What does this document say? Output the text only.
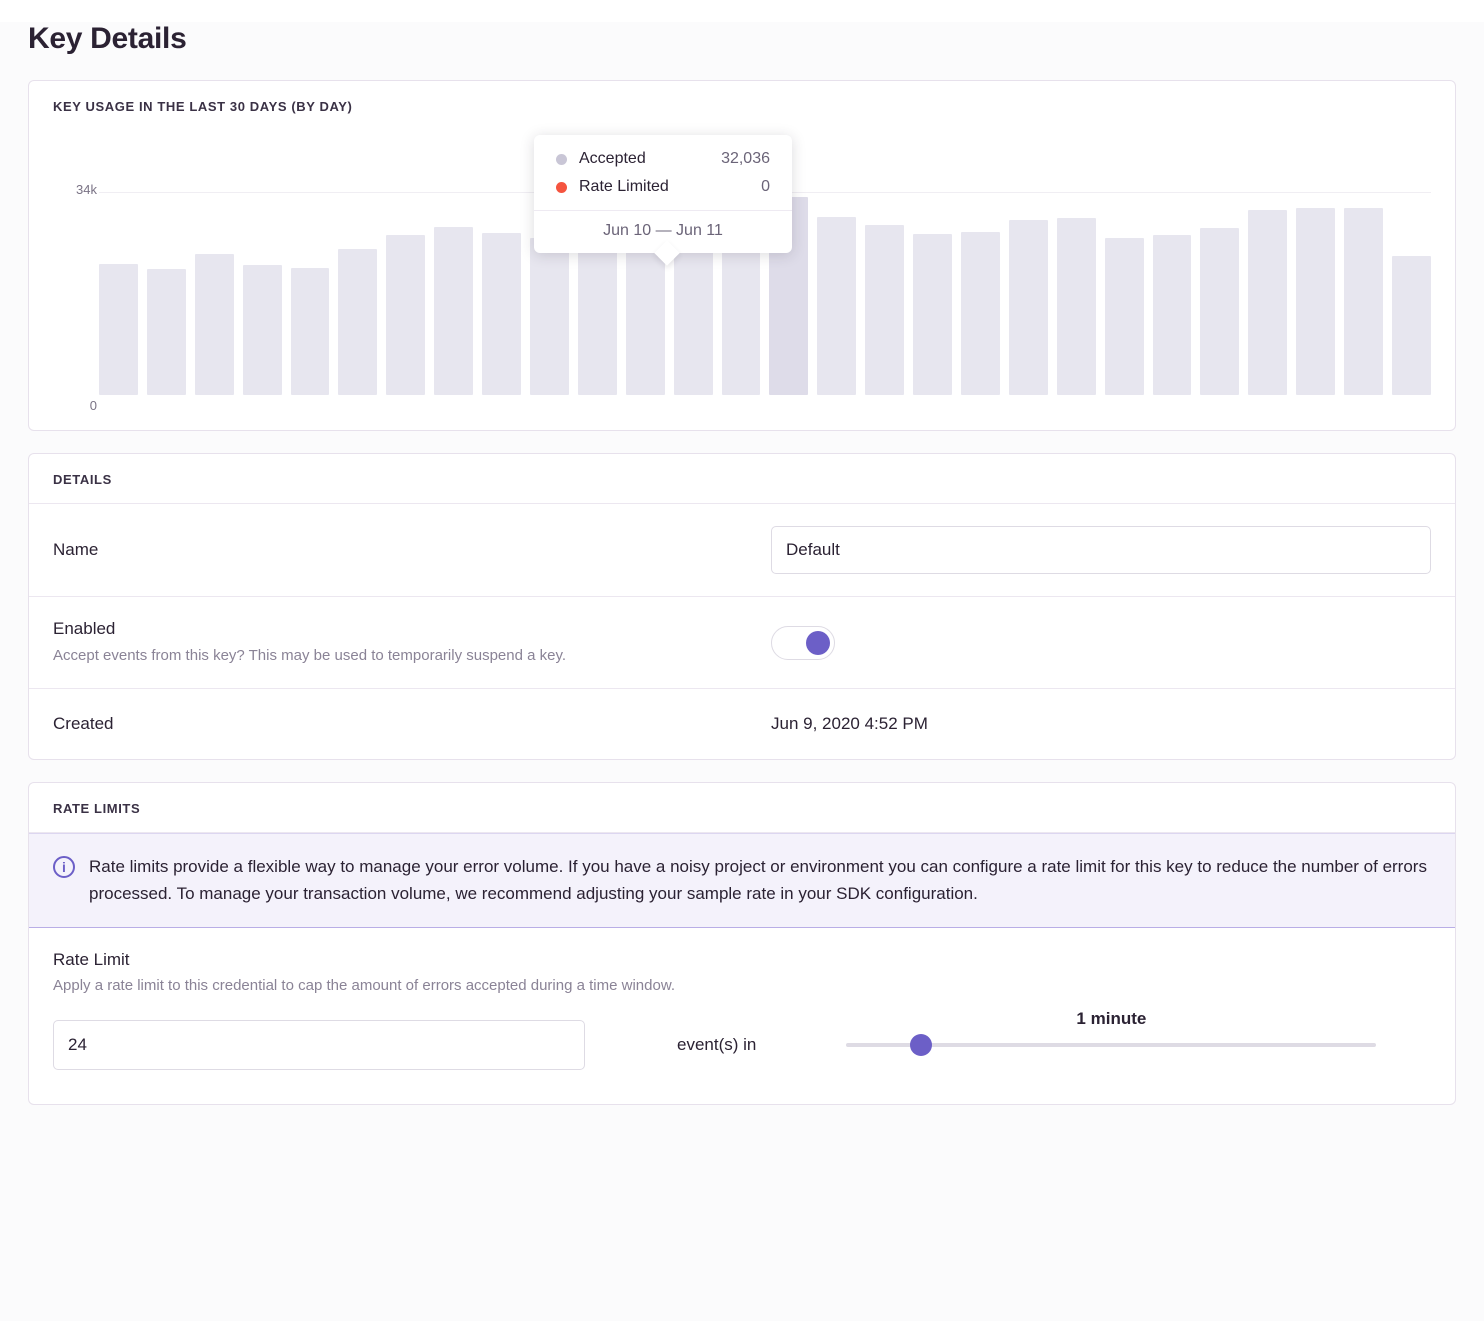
Key Details
KEY USAGE IN THE LAST 30 DAYS (BY DAY)
34k
0
Accepted	32,036
Rate Limited	0
Jun 10 — Jun 11
DETAILS
Name
Default
Enabled
Accept events from this key? This may be used to temporarily suspend a key.
Created	Jun 9, 2020 4:52 PM
RATE LIMITS
i	Rate limits provide a flexible way to manage your error volume. If you have a noisy project or environment you can configure a rate limit for this key to reduce the number of errors processed. To manage your transaction volume, we recommend adjusting your sample rate in your SDK configuration.
Rate Limit
Apply a rate limit to this credential to cap the amount of errors accepted during a time window.
24
event(s) in
1 minute
